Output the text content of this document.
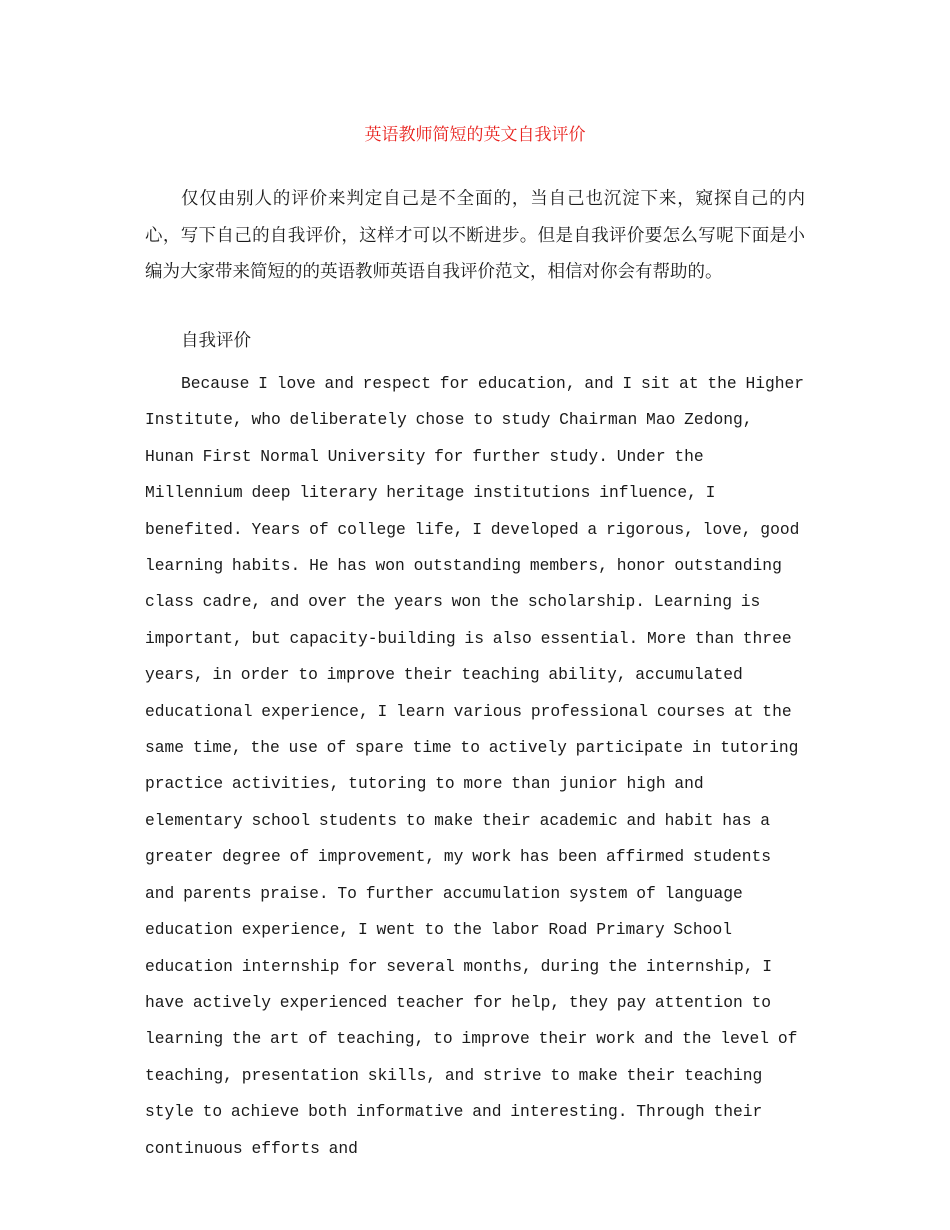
英语教师简短的英文自我评价

仅仅由别人的评价来判定自己是不全面的，当自己也沉淀下来，窥探自己的内心，写下自己的自我评价，这样才可以不断进步。但是自我评价要怎么写呢下面是小编为大家带来简短的的英语教师英语自我评价范文，相信对你会有帮助的。

自我评价

Because I love and respect for education, and I sit at the Higher Institute, who deliberately chose to study Chairman Mao Zedong, Hunan First Normal University for further study. Under the Millennium deep literary heritage institutions influence, I benefited. Years of college life, I developed a rigorous, love, good learning habits. He has won outstanding members, honor outstanding class cadre, and over the years won the scholarship. Learning is important, but capacity-building is also essential. More than three years, in order to improve their teaching ability, accumulated educational experience, I learn various professional courses at the same time, the use of spare time to actively participate in tutoring practice activities, tutoring to more than junior high and elementary school students to make their academic and habit has a greater degree of improvement, my work has been affirmed students and parents praise. To further accumulation system of language education experience, I went to the labor Road Primary School education internship for several months, during the internship, I have actively experienced teacher for help, they pay attention to learning the art of teaching, to improve their work and the level of teaching, presentation skills, and strive to make their teaching style to achieve both informative and interesting. Through their continuous efforts and
